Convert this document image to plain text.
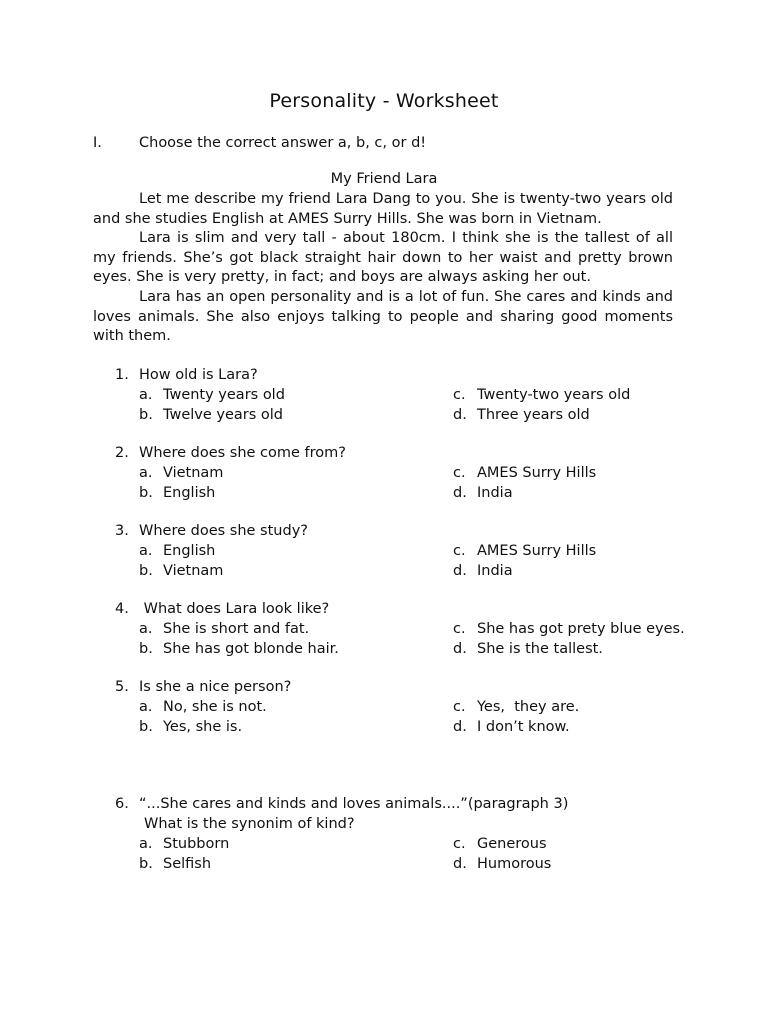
Personality - Worksheet
I.	Choose the correct answer a, b, c, or d!
My Friend Lara

Let me describe my friend Lara Dang to you. She is twenty-two years old and she studies English at AMES Surry Hills. She was born in Vietnam.

Lara is slim and very tall - about 180cm. I think she is the tallest of all my friends. She’s got black straight hair down to her waist and pretty brown eyes. She is very pretty, in fact; and boys are always asking her out.

Lara has an open personality and is a lot of fun. She cares and kinds and loves animals. She also enjoys talking to people and sharing good moments with them.

1. How old is Lara?
a. Twenty years old
b. Twelve years old
c. Twenty-two years old
d. Three years old
2. Where does she come from?
a. Vietnam
b. English
c. AMES Surry Hills
d. India
3. Where does she study?
a. English
b. Vietnam
c. AMES Surry Hills
d. India
4. What does Lara look like?
a. She is short and fat.
b. She has got blonde hair.
c. She has got prety blue eyes.
d. She is the tallest.
5. Is she a nice person?
a. No, she is not.
b. Yes, she is.
c. Yes,  they are.
d. I don’t know.
6. “...She cares and kinds and loves animals....”(paragraph 3)
What is the synonim of kind?
a. Stubborn
b. Selfish
c. Generous
d. Humorous
